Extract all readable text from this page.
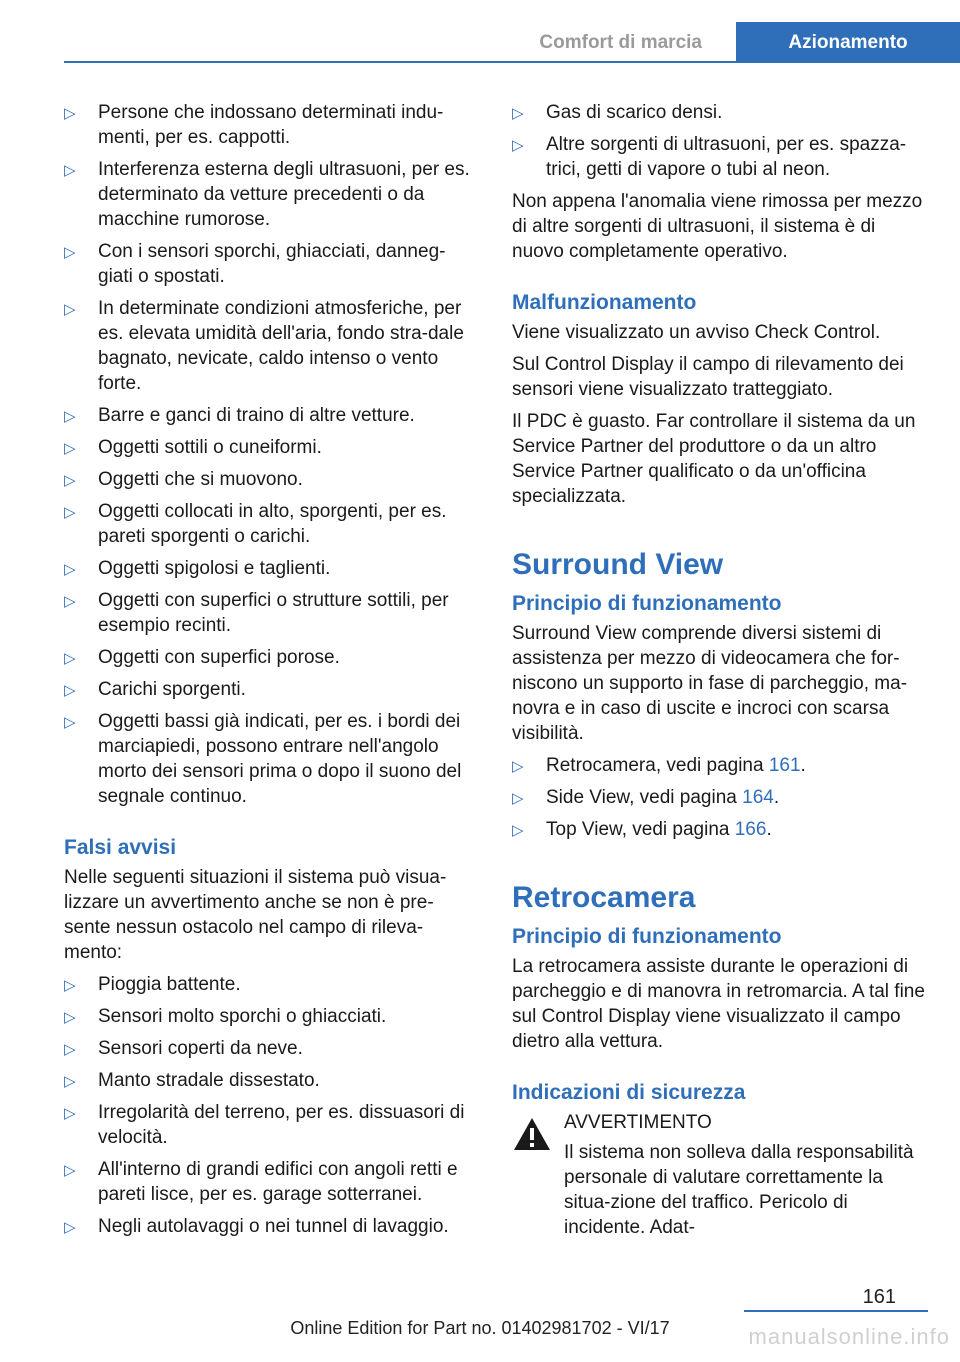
Comfort di marcia	Azionamento
▷ Persone che indossano determinati indu-menti, per es. cappotti.
▷ Interferenza esterna degli ultrasuoni, per es. determinato da vetture precedenti o da macchine rumorose.
▷ Con i sensori sporchi, ghiacciati, danneg-giati o spostati.
▷ In determinate condizioni atmosferiche, per es. elevata umidità dell'aria, fondo stra-dale bagnato, nevicate, caldo intenso o vento forte.
▷ Barre e ganci di traino di altre vetture.
▷ Oggetti sottili o cuneiformi.
▷ Oggetti che si muovono.
▷ Oggetti collocati in alto, sporgenti, per es. pareti sporgenti o carichi.
▷ Oggetti spigolosi e taglienti.
▷ Oggetti con superfici o strutture sottili, per esempio recinti.
▷ Oggetti con superfici porose.
▷ Carichi sporgenti.
▷ Oggetti bassi già indicati, per es. i bordi dei marciapiedi, possono entrare nell'angolo morto dei sensori prima o dopo il suono del segnale continuo.
Falsi avvisi

Nelle seguenti situazioni il sistema può visua-lizzare un avvertimento anche se non è pre-sente nessun ostacolo nel campo di rileva-mento:

▷ Pioggia battente.
▷ Sensori molto sporchi o ghiacciati.
▷ Sensori coperti da neve.
▷ Manto stradale dissestato.
▷ Irregolarità del terreno, per es. dissuasori di velocità.
▷ All'interno di grandi edifici con angoli retti e pareti lisce, per es. garage sotterranei.
▷ Negli autolavaggi o nei tunnel di lavaggio.
▷ Gas di scarico densi.
▷ Altre sorgenti di ultrasuoni, per es. spazza-trici, getti di vapore o tubi al neon.

Non appena l'anomalia viene rimossa per mezzo di altre sorgenti di ultrasuoni, il sistema è di nuovo completamente operativo.

Malfunzionamento

Viene visualizzato un avviso Check Control.

Sul Control Display il campo di rilevamento dei sensori viene visualizzato tratteggiato.

Il PDC è guasto. Far controllare il sistema da un Service Partner del produttore o da un altro Service Partner qualificato o da un'officina specializzata.

Surround View
Principio di funzionamento

Surround View comprende diversi sistemi di assistenza per mezzo di videocamera che for-niscono un supporto in fase di parcheggio, ma-novra e in caso di uscite e incroci con scarsa visibilità.

▷ Retrocamera, vedi pagina 161.
▷ Side View, vedi pagina 164.
▷ Top View, vedi pagina 166.
Retrocamera
Principio di funzionamento

La retrocamera assiste durante le operazioni di parcheggio e di manovra in retromarcia. A tal fine sul Control Display viene visualizzato il campo dietro alla vettura.

Indicazioni di sicurezza

AVVERTIMENTO

Il sistema non solleva dalla responsabilità personale di valutare correttamente la situa-zione del traffico. Pericolo di incidente. Adat-

161
Online Edition for Part no. 01402981702 - VI/17	manualsonline.info
